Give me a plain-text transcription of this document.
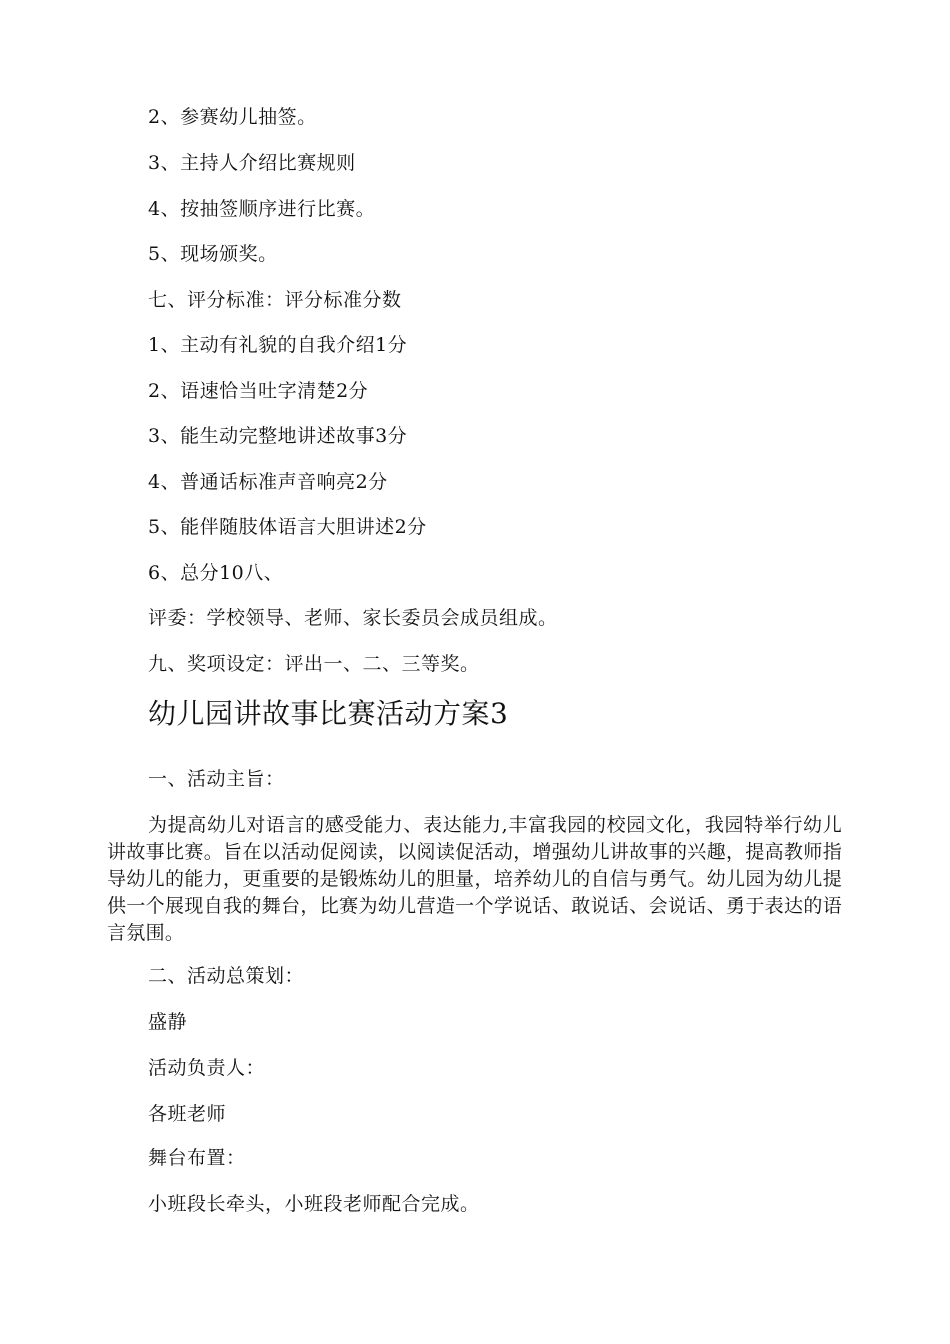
2、参赛幼儿抽签。
3、主持人介绍比赛规则
4、按抽签顺序进行比赛。
5、现场颁奖。
七、评分标准：评分标准分数
1、主动有礼貌的自我介绍1分
2、语速恰当吐字清楚2分
3、能生动完整地讲述故事3分
4、普通话标准声音响亮2分
5、能伴随肢体语言大胆讲述2分
6、总分10八、
评委：学校领导、老师、家长委员会成员组成。
九、奖项设定：评出一、二、三等奖。
幼儿园讲故事比赛活动方案3
一、活动主旨：
为提高幼儿对语言的感受能力、表达能力,丰富我园的校园文化，我园特举行幼儿讲故事比赛。旨在以活动促阅读，以阅读促活动，增强幼儿讲故事的兴趣，提高教师指导幼儿的能力，更重要的是锻炼幼儿的胆量，培养幼儿的自信与勇气。幼儿园为幼儿提供一个展现自我的舞台，比赛为幼儿营造一个学说话、敢说话、会说话、勇于表达的语言氛围。
二、活动总策划：
盛静
活动负责人：
各班老师
舞台布置：
小班段长牵头，小班段老师配合完成。
